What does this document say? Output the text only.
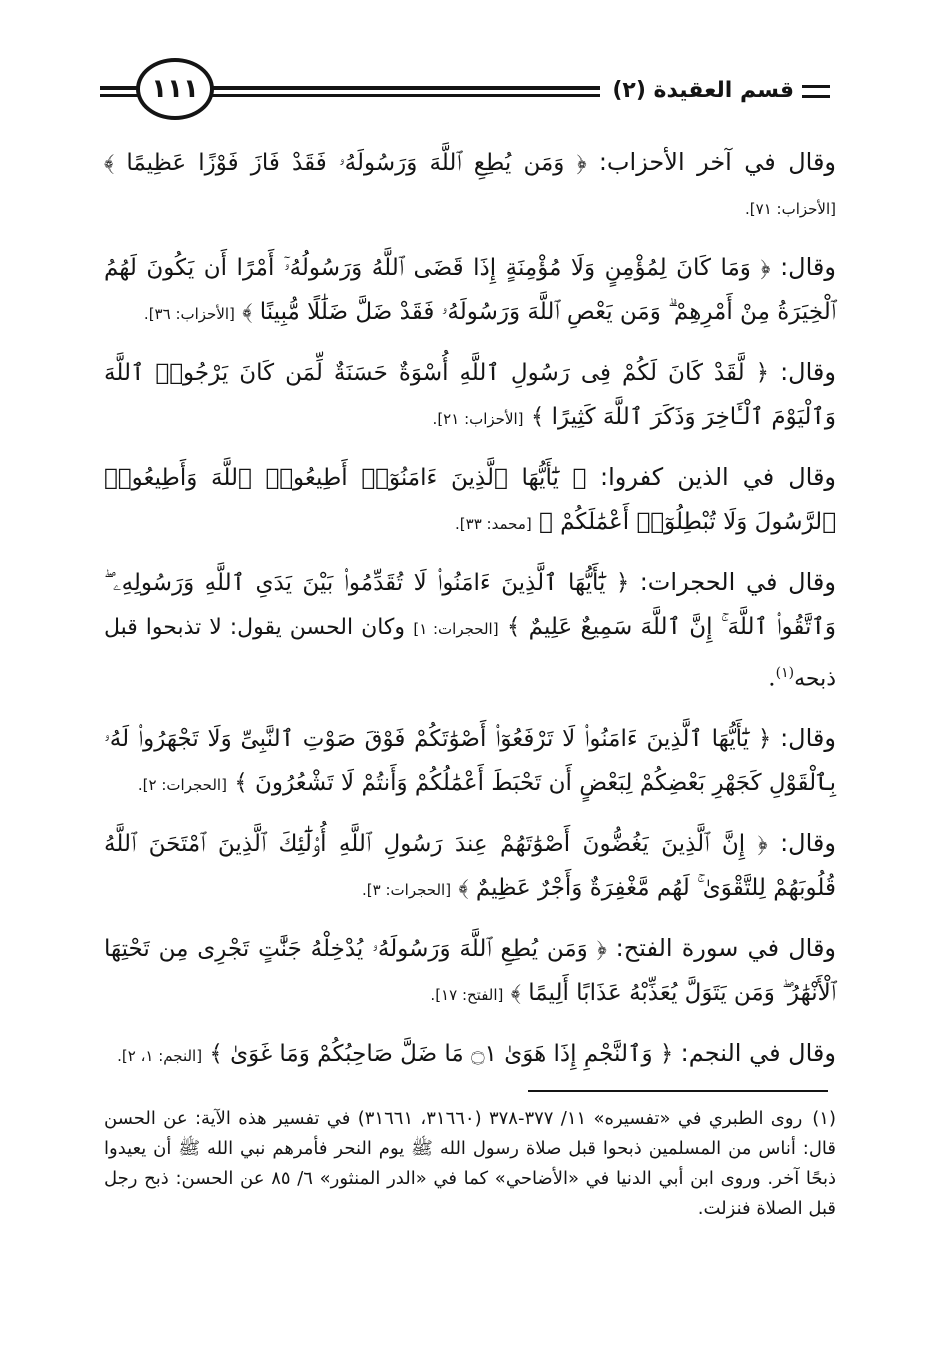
قسم العقيدة (٢)
١١١

وقال في آخر الأحزاب: ﴿ وَمَن يُطِعِ ٱللَّهَ وَرَسُولَهُۥ فَقَدْ فَازَ فَوْزًا عَظِيمًا ﴾ [الأحزاب: ٧١].

وقال: ﴿ وَمَا كَانَ لِمُؤْمِنٍ وَلَا مُؤْمِنَةٍ إِذَا قَضَى ٱللَّهُ وَرَسُولُهُۥٓ أَمْرًا أَن يَكُونَ لَهُمُ ٱلْخِيَرَةُ مِنْ أَمْرِهِمْ ۗ وَمَن يَعْصِ ٱللَّهَ وَرَسُولَهُۥ فَقَدْ ضَلَّ ضَلَٰلًا مُّبِينًا ﴾ [الأحزاب: ٣٦].

وقال: ﴿ لَّقَدْ كَانَ لَكُمْ فِى رَسُولِ ٱللَّهِ أُسْوَةٌ حَسَنَةٌ لِّمَن كَانَ يَرْجُوا۟ ٱللَّهَ وَٱلْيَوْمَ ٱلْـَٔاخِرَ وَذَكَرَ ٱللَّهَ كَثِيرًا ﴾ [الأحزاب: ٢١].

وقال في الذين كفروا: ﴿ يَٰٓأَيُّهَا ٱلَّذِينَ ءَامَنُوٓا۟ أَطِيعُوا۟ ٱللَّهَ وَأَطِيعُوا۟ ٱلرَّسُولَ وَلَا تُبْطِلُوٓا۟ أَعْمَٰلَكُمْ ﴾ [محمد: ٣٣].

وقال في الحجرات: ﴿ يَٰٓأَيُّهَا ٱلَّذِينَ ءَامَنُوا۟ لَا تُقَدِّمُوا۟ بَيْنَ يَدَىِ ٱللَّهِ وَرَسُولِهِۦ ۖ وَٱتَّقُوا۟ ٱللَّهَ ۚ إِنَّ ٱللَّهَ سَمِيعٌ عَلِيمٌ ﴾ [الحجرات: ١] وكان الحسن يقول: لا تذبحوا قبل ذبحه$^{(١)}$.

وقال: ﴿ يَٰٓأَيُّهَا ٱلَّذِينَ ءَامَنُوا۟ لَا تَرْفَعُوٓا۟ أَصْوَٰتَكُمْ فَوْقَ صَوْتِ ٱلنَّبِىِّ وَلَا تَجْهَرُوا۟ لَهُۥ بِٱلْقَوْلِ كَجَهْرِ بَعْضِكُمْ لِبَعْضٍ أَن تَحْبَطَ أَعْمَٰلُكُمْ وَأَنتُمْ لَا تَشْعُرُونَ ﴾ [الحجرات: ٢].

وقال: ﴿ إِنَّ ٱلَّذِينَ يَغُضُّونَ أَصْوَٰتَهُمْ عِندَ رَسُولِ ٱللَّهِ أُو۟لَٰٓئِكَ ٱلَّذِينَ ٱمْتَحَنَ ٱللَّهُ قُلُوبَهُمْ لِلتَّقْوَىٰ ۚ لَهُم مَّغْفِرَةٌ وَأَجْرٌ عَظِيمٌ ﴾ [الحجرات: ٣].

وقال في سورة الفتح: ﴿ وَمَن يُطِعِ ٱللَّهَ وَرَسُولَهُۥ يُدْخِلْهُ جَنَّٰتٍ تَجْرِى مِن تَحْتِهَا ٱلْأَنْهَٰرُ ۖ وَمَن يَتَوَلَّ يُعَذِّبْهُ عَذَابًا أَلِيمًا ﴾ [الفتح: ١٧].

وقال في النجم: ﴿ وَٱلنَّجْمِ إِذَا هَوَىٰ ۝١ مَا ضَلَّ صَاحِبُكُمْ وَمَا غَوَىٰ ﴾ [النجم: ١، ٢].

(١)روى الطبري في «تفسيره» ١١/ ٣٧٧-٣٧٨ (٣١٦٦٠، ٣١٦٦١) في تفسير هذه الآية: عن الحسن قال: أناس من المسلمين ذبحوا قبل صلاة رسول الله ﷺ يوم النحر فأمرهم نبي الله ﷺ أن يعيدوا ذبحًا آخر. وروى ابن أبي الدنيا في «الأضاحي» كما في «الدر المنثور» ٦/ ٨٥ عن الحسن: ذبح رجل قبل الصلاة فنزلت.
